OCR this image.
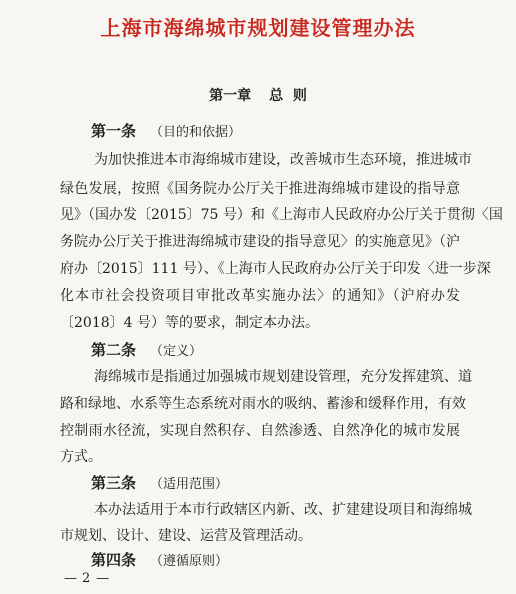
上海市海绵城市规划建设管理办法
第一章 总  则
第一条 （目的和依据）
为加快推进本市海绵城市建设，改善城市生态环境，推进城市
绿色发展，按照《国务院办公厅关于推进海绵城市建设的指导意
见》（国办发〔2015〕75 号）和《上海市人民政府办公厅关于贯彻〈国
务院办公厅关于推进海绵城市建设的指导意见〉的实施意见》（沪
府办〔2015〕111 号）、《上海市人民政府办公厅关于印发〈进一步深
化本市社会投资项目审批改革实施办法〉的通知》（沪府办发
〔2018〕4 号）等的要求，制定本办法。
第二条 （定义）
海绵城市是指通过加强城市规划建设管理，充分发挥建筑、道
路和绿地、水系等生态系统对雨水的吸纳、蓄渗和缓释作用，有效
控制雨水径流，实现自然积存、自然渗透、自然净化的城市发展
方式。
第三条 （适用范围）
本办法适用于本市行政辖区内新、改、扩建建设项目和海绵城
市规划、设计、建设、运营及管理活动。
第四条 （遵循原则）
— 2 —
